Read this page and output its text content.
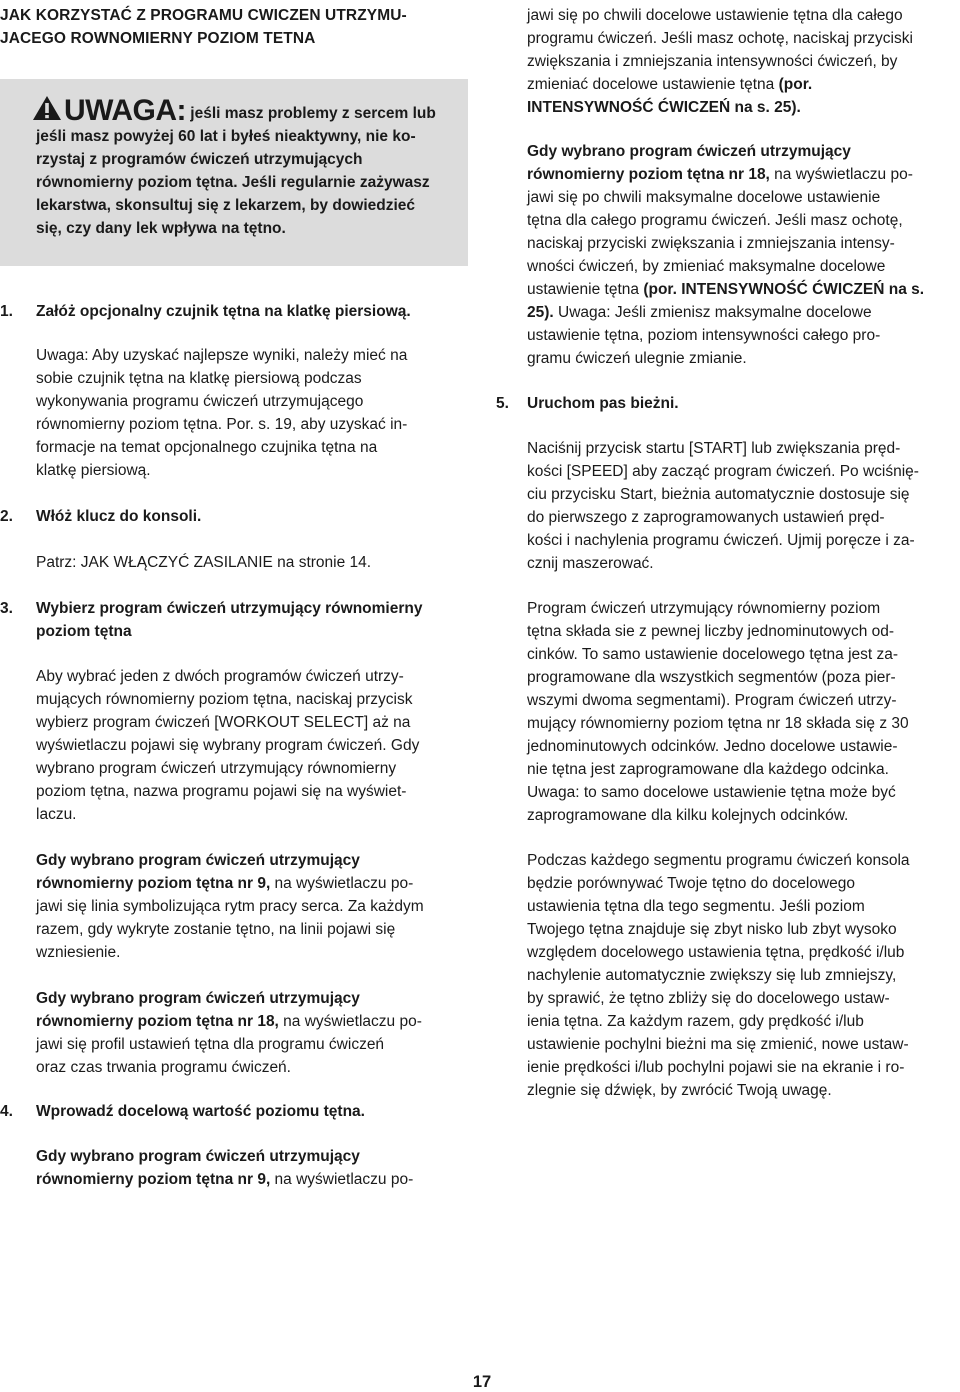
JAK KORZYSTAĆ Z PROGRAMU CWICZEN UTRZYMU-
JACEGO ROWNOMIERNY POZIOM TETNA
UWAGA: jeśli masz problemy z sercem lub
jeśli masz powyżej 60 lat i byłeś nieaktywny, nie ko-
rzystaj z programów ćwiczeń utrzymujących
równomierny poziom tętna. Jeśli regularnie zażywasz
lekarstwa, skonsultuj się z lekarzem, by dowiedzieć
się, czy dany lek wpływa na tętno.
1. Załóż opcjonalny czujnik tętna na klatkę piersiową.
Uwaga: Aby uzyskać najlepsze wyniki, należy mieć na
sobie czujnik tętna na klatkę piersiową podczas
wykonywania programu ćwiczeń utrzymującego
równomierny poziom tętna. Por. s. 19, aby uzyskać in-
formacje na temat opcjonalnego czujnika tętna na
klatkę piersiową.
2. Włóż klucz do konsoli.
Patrz: JAK WŁĄCZYĆ ZASILANIE na stronie 14.
3. Wybierz program ćwiczeń utrzymujący równomierny
poziom tętna
Aby wybrać jeden z dwóch programów ćwiczeń utrzy-
mujących równomierny poziom tętna, naciskaj przycisk
wybierz program ćwiczeń [WORKOUT SELECT] aż na
wyświetlaczu pojawi się wybrany program ćwiczeń. Gdy
wybrano program ćwiczeń utrzymujący równomierny
poziom tętna, nazwa programu pojawi się na wyświet-
laczu.
Gdy wybrano program ćwiczeń utrzymujący
równomierny poziom tętna nr 9, na wyświetlaczu po-
jawi się linia symbolizująca rytm pracy serca. Za każdym
razem, gdy wykryte zostanie tętno, na linii pojawi się
wzniesienie.
Gdy wybrano program ćwiczeń utrzymujący
równomierny poziom tętna nr 18, na wyświetlaczu po-
jawi się profil ustawień tętna dla programu ćwiczeń
oraz czas trwania programu ćwiczeń.
4. Wprowadź docelową wartość poziomu tętna.
Gdy wybrano program ćwiczeń utrzymujący
równomierny poziom tętna nr 9, na wyświetlaczu po-
jawi się po chwili docelowe ustawienie tętna dla całego
programu ćwiczeń. Jeśli masz ochotę, naciskaj przyciski
zwiększania i zmniejszania intensywności ćwiczeń, by
zmieniać docelowe ustawienie tętna (por.
INTENSYWNOŚĆ ĆWICZEŃ na s. 25).
Gdy wybrano program ćwiczeń utrzymujący
równomierny poziom tętna nr 18, na wyświetlaczu po-
jawi się po chwili maksymalne docelowe ustawienie
tętna dla całego programu ćwiczeń. Jeśli masz ochotę,
naciskaj przyciski zwiększania i zmniejszania intensy-
wności ćwiczeń, by zmieniać maksymalne docelowe
ustawienie tętna (por. INTENSYWNOŚĆ ĆWICZEŃ na s.
25). Uwaga: Jeśli zmienisz maksymalne docelowe
ustawienie tętna, poziom intensywności całego pro-
gramu ćwiczeń ulegnie zmianie.
5. Uruchom pas bieżni.
Naciśnij przycisk startu [START] lub zwiększania pręd-
kości [SPEED] aby zacząć program ćwiczeń. Po wciśnię-
ciu przycisku Start, bieżnia automatycznie dostosuje się
do pierwszego z zaprogramowanych ustawień pręd-
kości i nachylenia programu ćwiczeń. Ujmij poręcze i za-
cznij maszerować.
Program ćwiczeń utrzymujący równomierny poziom
tętna składa sie z pewnej liczby jednominutowych od-
cinków. To samo ustawienie docelowego tętna jest za-
programowane dla wszystkich segmentów (poza pier-
wszymi dwoma segmentami). Program ćwiczeń utrzy-
mujący równomierny poziom tętna nr 18 składa się z 30
jednominutowych odcinków. Jedno docelowe ustawie-
nie tętna jest zaprogramowane dla każdego odcinka.
Uwaga: to samo docelowe ustawienie tętna może być
zaprogramowane dla kilku kolejnych odcinków.
Podczas każdego segmentu programu ćwiczeń konsola
będzie porównywać Twoje tętno do docelowego
ustawienia tętna dla tego segmentu. Jeśli poziom
Twojego tętna znajduje się zbyt nisko lub zbyt wysoko
względem docelowego ustawienia tętna, prędkość i/lub
nachylenie automatycznie zwiększy się lub zmniejszy,
by sprawić, że tętno zbliży się do docelowego ustaw-
ienia tętna. Za każdym razem, gdy prędkość i/lub
ustawienie pochylni bieżni ma się zmienić, nowe ustaw-
ienie prędkości i/lub pochylni pojawi sie na ekranie i ro-
zlegnie się dźwięk, by zwrócić Twoją uwagę.
17
